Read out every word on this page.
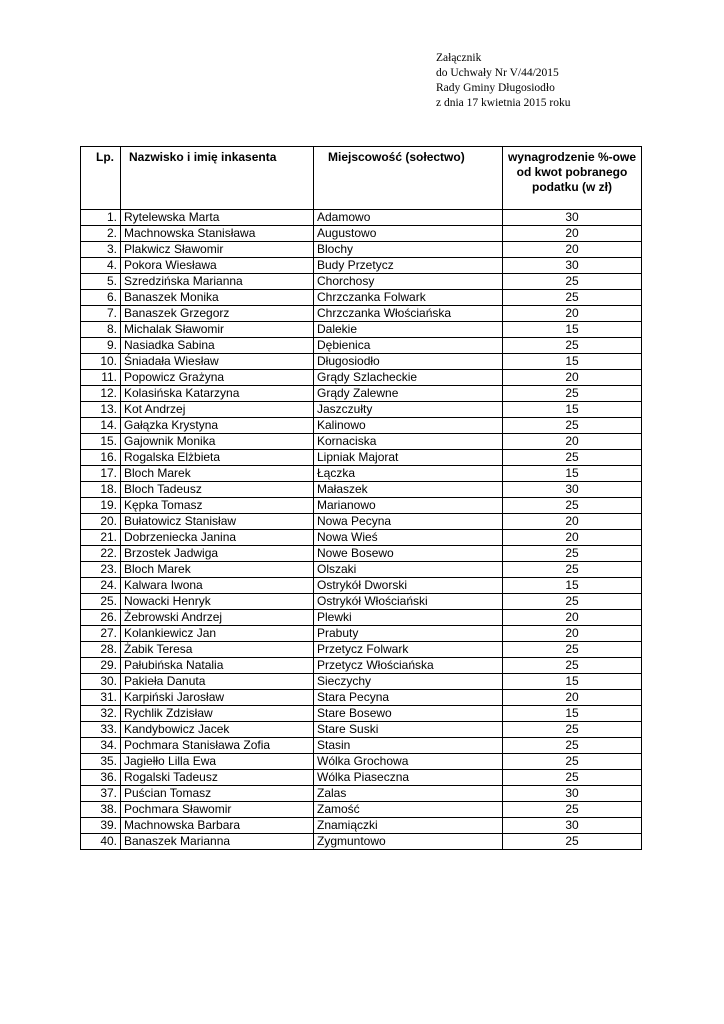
Załącznik
do Uchwały Nr V/44/2015
Rady Gminy Długosiodło
z dnia 17 kwietnia 2015 roku
Lp.	Nazwisko i imię inkasenta	Miejscowość (sołectwo)	wynagrodzenie %-owe od kwot pobranego podatku (w zł)
1.	Rytelewska Marta	Adamowo	30
2.	Machnowska Stanisława	Augustowo	20
3.	Plakwicz Sławomir	Blochy	20
4.	Pokora Wiesława	Budy Przetycz	30
5.	Szredzińska Marianna	Chorchosy	25
6.	Banaszek Monika	Chrzczanka Folwark	25
7.	Banaszek Grzegorz	Chrzczanka Włościańska	20
8.	Michalak Sławomir	Dalekie	15
9.	Nasiadka Sabina	Dębienica	25
10.	Śniadała Wiesław	Długosiodło	15
11.	Popowicz Grażyna	Grądy Szlacheckie	20
12.	Kolasińska Katarzyna	Grądy Zalewne	25
13.	Kot Andrzej	Jaszczułty	15
14.	Gałązka Krystyna	Kalinowo	25
15.	Gajownik Monika	Kornaciska	20
16.	Rogalska Elżbieta	Lipniak Majorat	25
17.	Bloch Marek	Łączka	15
18.	Bloch Tadeusz	Małaszek	30
19.	Kępka Tomasz	Marianowo	25
20.	Bułatowicz Stanisław	Nowa Pecyna	20
21.	Dobrzeniecka Janina	Nowa Wieś	20
22.	Brzostek Jadwiga	Nowe Bosewo	25
23.	Bloch Marek	Olszaki	25
24.	Kalwara Iwona	Ostrykół Dworski	15
25.	Nowacki Henryk	Ostrykół Włościański	25
26.	Żebrowski Andrzej	Plewki	20
27.	Kolankiewicz Jan	Prabuty	20
28.	Żabik Teresa	Przetycz Folwark	25
29.	Pałubińska Natalia	Przetycz Włościańska	25
30.	Pakieła Danuta	Sieczychy	15
31.	Karpiński Jarosław	Stara Pecyna	20
32.	Rychlik Zdzisław	Stare Bosewo	15
33.	Kandybowicz Jacek	Stare Suski	25
34.	Pochmara Stanisława Zofia	Stasin	25
35.	Jagiełło Lilla Ewa	Wólka Grochowa	25
36.	Rogalski Tadeusz	Wólka Piaseczna	25
37.	Puścian Tomasz	Zalas	30
38.	Pochmara Sławomir	Zamość	25
39.	Machnowska Barbara	Znamiączki	30
40.	Banaszek Marianna	Zygmuntowo	25
